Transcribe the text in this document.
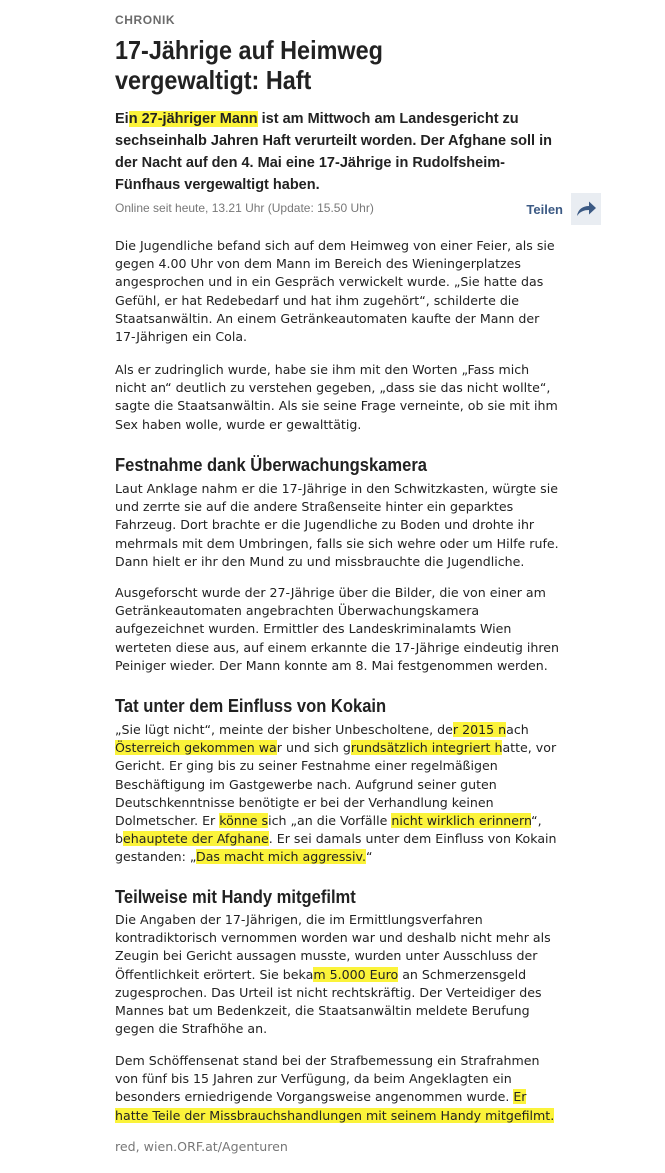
CHRONIK
17-Jährige auf Heimweg vergewaltigt: Haft

Ein 27-jähriger Mann ist am Mittwoch am Landesgericht zu sechseinhalb Jahren Haft verurteilt worden. Der Afghane soll in der Nacht auf den 4. Mai eine 17-Jährige in Rudolfsheim-Fünfhaus vergewaltigt haben.

Online seit heute, 13.21 Uhr (Update: 15.50 Uhr)	Teilen

Die Jugendliche befand sich auf dem Heimweg von einer Feier, als sie gegen 4.00 Uhr von dem Mann im Bereich des Wieningerplatzes angesprochen und in ein Gespräch verwickelt wurde. „Sie hatte das Gefühl, er hat Redebedarf und hat ihm zugehört“, schilderte die Staatsanwältin. An einem Getränkeautomaten kaufte der Mann der 17-Jährigen ein Cola.

Als er zudringlich wurde, habe sie ihm mit den Worten „Fass mich nicht an“ deutlich zu verstehen gegeben, „dass sie das nicht wollte“, sagte die Staatsanwältin. Als sie seine Frage verneinte, ob sie mit ihm Sex haben wolle, wurde er gewalttätig.

Festnahme dank Überwachungskamera

Laut Anklage nahm er die 17-Jährige in den Schwitzkasten, würgte sie und zerrte sie auf die andere Straßenseite hinter ein geparktes Fahrzeug. Dort brachte er die Jugendliche zu Boden und drohte ihr mehrmals mit dem Umbringen, falls sie sich wehre oder um Hilfe rufe. Dann hielt er ihr den Mund zu und missbrauchte die Jugendliche.

Ausgeforscht wurde der 27-Jährige über die Bilder, die von einer am Getränkeautomaten angebrachten Überwachungskamera aufgezeichnet wurden. Ermittler des Landeskriminalamts Wien werteten diese aus, auf einem erkannte die 17-Jährige eindeutig ihren Peiniger wieder. Der Mann konnte am 8. Mai festgenommen werden.

Tat unter dem Einfluss von Kokain

„Sie lügt nicht“, meinte der bisher Unbescholtene, der 2015 nach Österreich gekommen war und sich grundsätzlich integriert hatte, vor Gericht. Er ging bis zu seiner Festnahme einer regelmäßigen Beschäftigung im Gastgewerbe nach. Aufgrund seiner guten Deutschkenntnisse benötigte er bei der Verhandlung keinen Dolmetscher. Er könne sich „an die Vorfälle nicht wirklich erinnern“, behauptete der Afghane. Er sei damals unter dem Einfluss von Kokain gestanden: „Das macht mich aggressiv.“

Teilweise mit Handy mitgefilmt

Die Angaben der 17-Jährigen, die im Ermittlungsverfahren kontradiktorisch vernommen worden war und deshalb nicht mehr als Zeugin bei Gericht aussagen musste, wurden unter Ausschluss der Öffentlichkeit erörtert. Sie bekam 5.000 Euro an Schmerzensgeld zugesprochen. Das Urteil ist nicht rechtskräftig. Der Verteidiger des Mannes bat um Bedenkzeit, die Staatsanwältin meldete Berufung gegen die Strafhöhe an.

Dem Schöffensenat stand bei der Strafbemessung ein Strafrahmen von fünf bis 15 Jahren zur Verfügung, da beim Angeklagten ein besonders erniedrigende Vorgangsweise angenommen wurde. Er hatte Teile der Missbrauchshandlungen mit seinem Handy mitgefilmt.

red, wien.ORF.at/Agenturen
